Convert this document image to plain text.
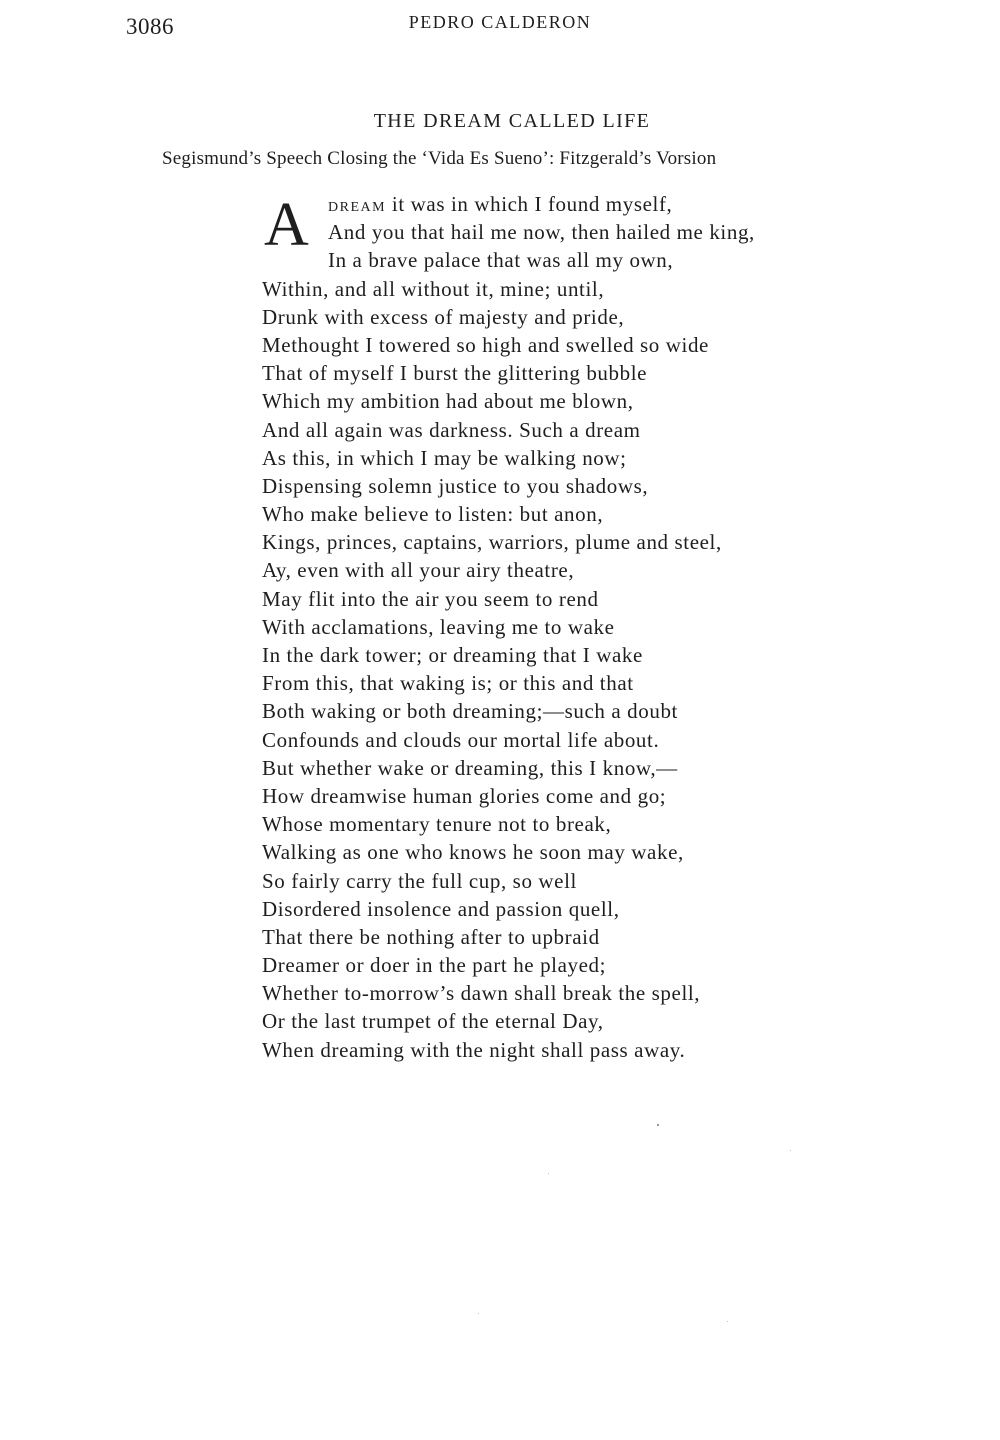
3086	PEDRO CALDERON
THE DREAM CALLED LIFE
Segismund’s Speech Closing the ‘Vida Es Sueno’: Fitzgerald’s Vorsion
A	DREAM it was in which I found myself,
And you that hail me now, then hailed me king,
In a brave palace that was all my own,
Within, and all without it, mine; until,
Drunk with excess of majesty and pride,
Methought I towered so high and swelled so wide
That of myself I burst the glittering bubble
Which my ambition had about me blown,
And all again was darkness. Such a dream
As this, in which I may be walking now;
Dispensing solemn justice to you shadows,
Who make believe to listen: but anon,
Kings, princes, captains, warriors, plume and steel,
Ay, even with all your airy theatre,
May flit into the air you seem to rend
With acclamations, leaving me to wake
In the dark tower; or dreaming that I wake
From this, that waking is; or this and that
Both waking or both dreaming;—such a doubt
Confounds and clouds our mortal life about.
But whether wake or dreaming, this I know,—
How dreamwise human glories come and go;
Whose momentary tenure not to break,
Walking as one who knows he soon may wake,
So fairly carry the full cup, so well
Disordered insolence and passion quell,
That there be nothing after to upbraid
Dreamer or doer in the part he played;
Whether to-morrow’s dawn shall break the spell,
Or the last trumpet of the eternal Day,
When dreaming with the night shall pass away.
